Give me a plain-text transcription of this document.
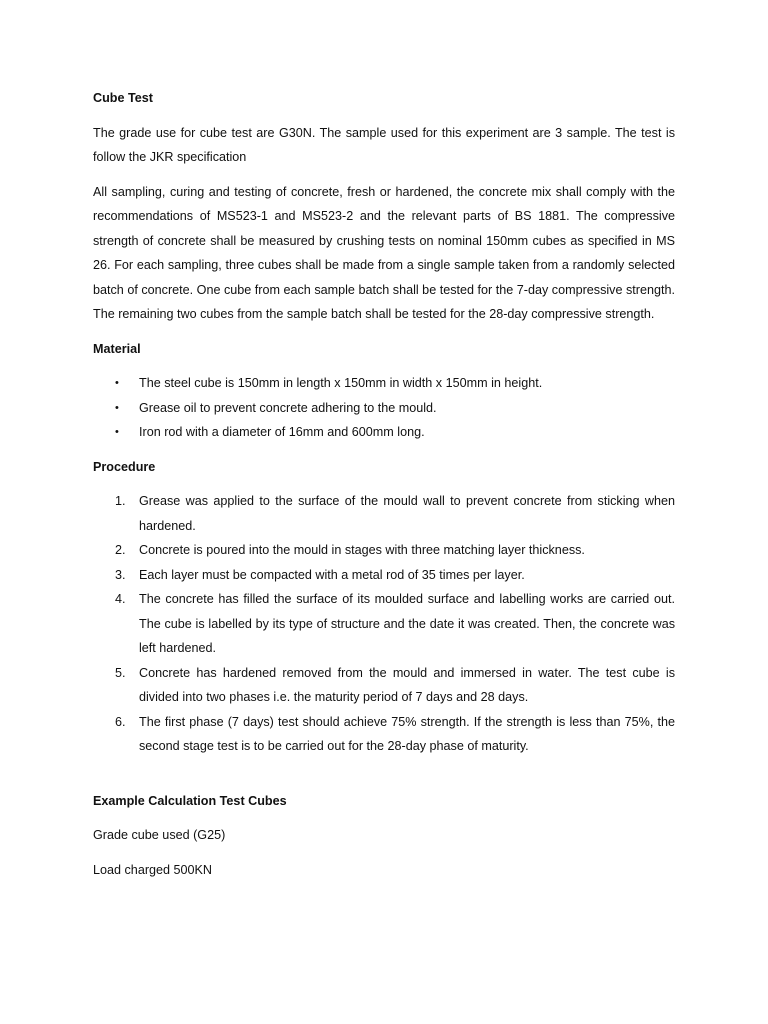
Cube Test

The grade use for cube test are G30N. The sample used for this experiment are 3 sample. The test is follow the JKR specification

All sampling, curing and testing of concrete, fresh or hardened, the concrete mix shall comply with the recommendations of MS523-1 and MS523-2 and the relevant parts of BS 1881. The compressive strength of concrete shall be measured by crushing tests on nominal 150mm cubes as specified in MS 26. For each sampling, three cubes shall be made from a single sample taken from a randomly selected batch of concrete. One cube from each sample batch shall be tested for the 7-day compressive strength. The remaining two cubes from the sample batch shall be tested for the 28-day compressive strength.

Material

• The steel cube is 150mm in length x 150mm in width x 150mm in height.
• Grease oil to prevent concrete adhering to the mould.
• Iron rod with a diameter of 16mm and 600mm long.

Procedure

1. Grease was applied to the surface of the mould wall to prevent concrete from sticking when hardened.
2. Concrete is poured into the mould in stages with three matching layer thickness.
3. Each layer must be compacted with a metal rod of 35 times per layer.
4. The concrete has filled the surface of its moulded surface and labelling works are carried out. The cube is labelled by its type of structure and the date it was created. Then, the concrete was left hardened.
5. Concrete has hardened removed from the mould and immersed in water. The test cube is divided into two phases i.e. the maturity period of 7 days and 28 days.
6. The first phase (7 days) test should achieve 75% strength. If the strength is less than 75%, the second stage test is to be carried out for the 28-day phase of maturity.

Example Calculation Test Cubes

Grade cube used (G25)

Load charged 500KN
